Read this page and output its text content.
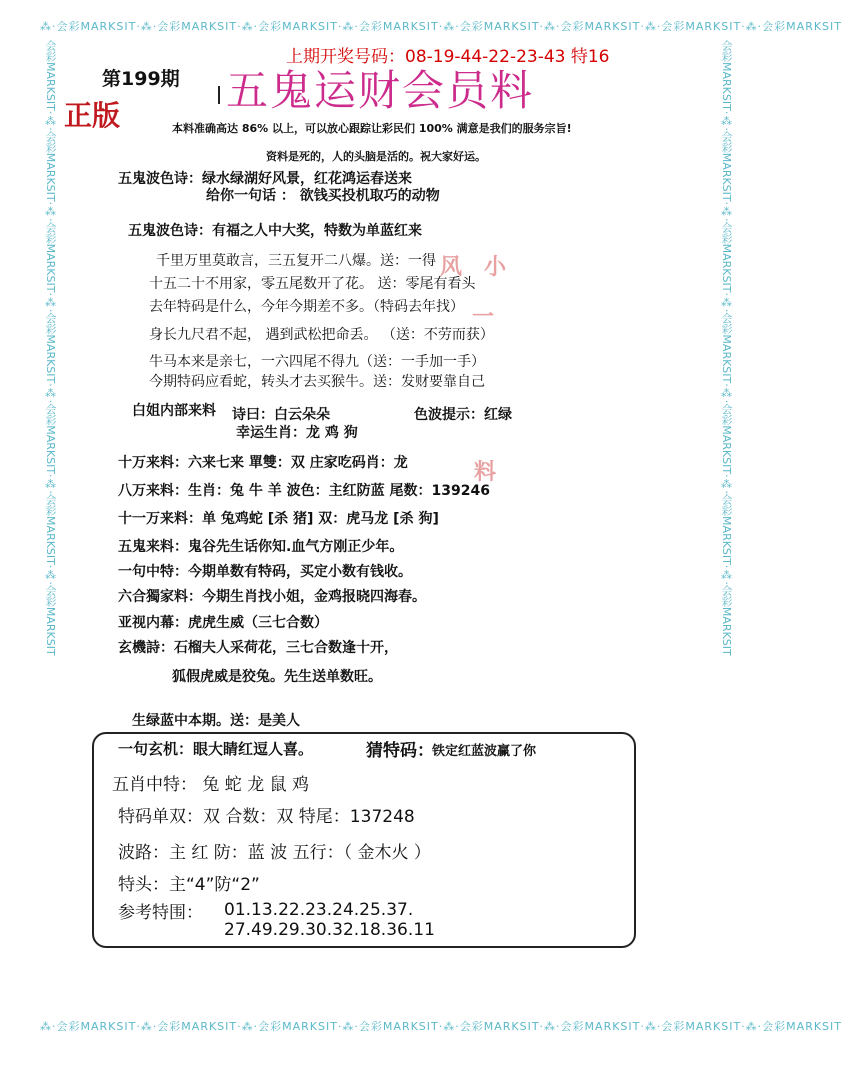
⁂·会彩MARKSIT·⁂·会彩MARKSIT·⁂·会彩MARKSIT·⁂·会彩MARKSIT·⁂·会彩MARKSIT·⁂·会彩MARKSIT·⁂·会彩MARKSIT·⁂·会彩MARKSIT
⁂·会彩MARKSIT·⁂·会彩MARKSIT·⁂·会彩MARKSIT·⁂·会彩MARKSIT·⁂·会彩MARKSIT·⁂·会彩MARKSIT·⁂·会彩MARKSIT·⁂·会彩MARKSIT
会彩MARKSIT·⁂·会彩MARKSIT·⁂·会彩MARKSIT·⁂·会彩MARKSIT·⁂·会彩MARKSIT·⁂·会彩MARKSIT·⁂·会彩MARKSIT	会彩MARKSIT·⁂·会彩MARKSIT·⁂·会彩MARKSIT·⁂·会彩MARKSIT·⁂·会彩MARKSIT·⁂·会彩MARKSIT·⁂·会彩MARKSIT
上期开奖号码：08-19-44-22-23-43 特16
第199期 五鬼运财会员料
正版	本料准确高达 86% 以上，可以放心跟踪让彩民们 100% 满意是我们的服务宗旨!
资料是死的，人的头脑是活的。祝大家好运。
五鬼波色诗：绿水绿湖好风景，红花鸿运春送来
给你一句话 ： 欲钱买投机取巧的动物
五鬼波色诗：有福之人中大奖，特数为单蓝红来
千里万里莫敢言，三五复开二八爆。送：一得
十五二十不用家，零五尾数开了花。 送：零尾有看头
去年特码是什么，今年今期差不多。（特码去年找）
身长九尺君不起， 遇到武松把命丢。 （送：不劳而获）
牛马本来是亲七，一六四尾不得九（送：一手加一手）
今期特码应看蛇，转头才去买猴牛。送：发财要靠自己
风 小
一
料
白姐内部来料 诗曰：白云朵朵	色波提示：红绿
幸运生肖：龙 鸡 狗
十万来料：六来七来 單雙：双 庄家吃码肖：龙
八万来料：生肖：兔 牛 羊 波色：主红防蓝 尾数：139246
十一万来料：单 兔鸡蛇 [杀 猪] 双：虎马龙 [杀 狗]
五鬼来料：鬼谷先生话你知.血气方刚正少年。
一句中特：今期单数有特码，买定小数有钱收。
六合獨家料：今期生肖找小姐，金鸡报晓四海春。
亚视内幕：虎虎生威（三七合数）
玄機詩：石榴夫人采荷花，三七合数逢十开，
狐假虎威是狡兔。先生送单数旺。
生绿蓝中本期。送：是美人
一句玄机：眼大睛红逗人喜。	猜特码：
铁定红蓝波赢了你
五肖中特： 兔 蛇 龙 鼠 鸡
特码单双：双 合数：双 特尾：137248
波路：主 红 防：蓝 波 五行：（ 金木火 ）
特头：主“4”防“2”
参考特围： 01.13.22.23.24.25.37.
27.49.29.30.32.18.36.11
